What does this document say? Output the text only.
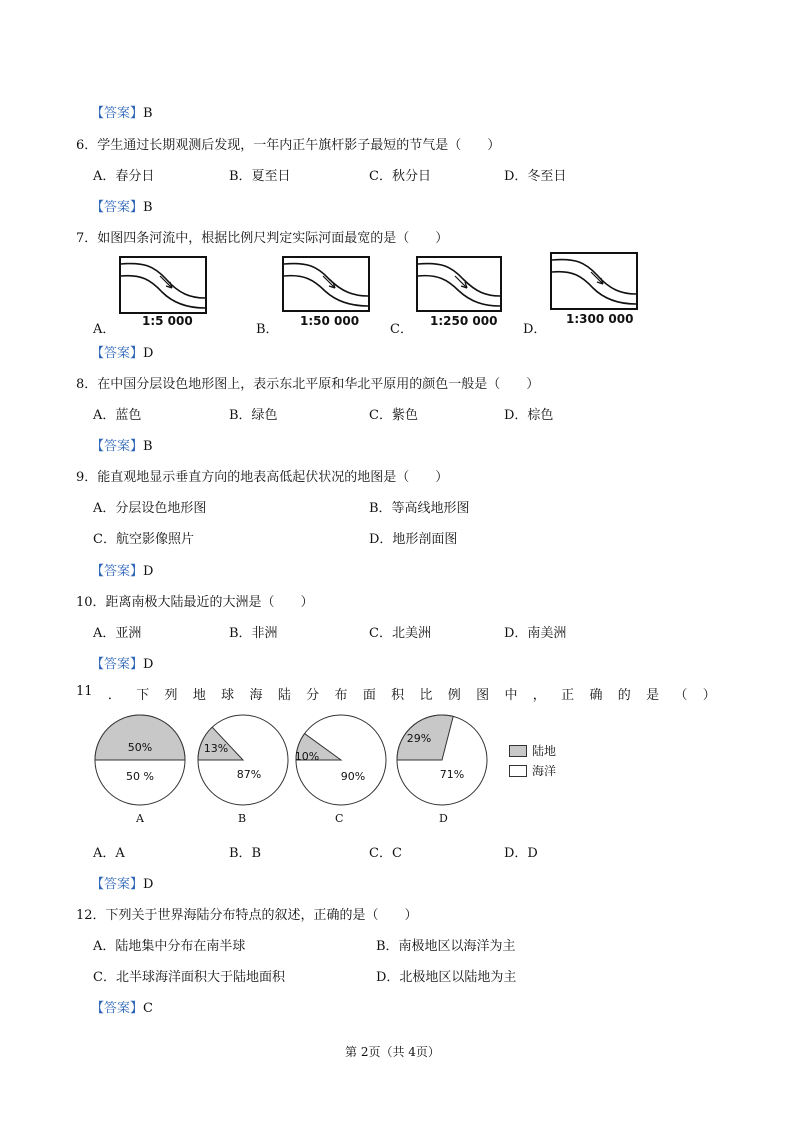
【答案】B
6．学生通过长期观测后发现，一年内正午旗杆影子最短的节气是（　　）
A．春分日	B．夏至日	C．秋分日	D．冬至日
【答案】B
7．如图四条河流中，根据比例尺判定实际河面最宽的是（　　）
A．
1:5 000
B．
1:50 000
C．
1:250 000
D．
1:300 000
【答案】D
8．在中国分层设色地形图上，表示东北平原和华北平原用的颜色一般是（　　）
A．蓝色	B．绿色	C．紫色	D．棕色
【答案】B
9．能直观地显示垂直方向的地表高低起伏状况的地图是（　　）
A．分层设色地形图	B．等高线地形图
C．航空影像照片	D．地形剖面图
【答案】D
10．距离南极大陆最近的大洲是（　　）
A．亚洲	B．非洲	C．北美洲	D．南美洲
【答案】D
11 ． 下 列 地 球 海 陆 分 布 面 积 比 例 图 中 ， 正 确 的 是 （ ）
50%
50 %
13%
87%
10%
90%
29%
71%
A	B	C	D
陆地
海洋
A．A	B．B	C．C	D．D
【答案】D
12．下列关于世界海陆分布特点的叙述，正确的是（　　）
A．陆地集中分布在南半球	B．南极地区以海洋为主
C．北半球海洋面积大于陆地面积	D．北极地区以陆地为主
【答案】C
第 2页（共 4页）
